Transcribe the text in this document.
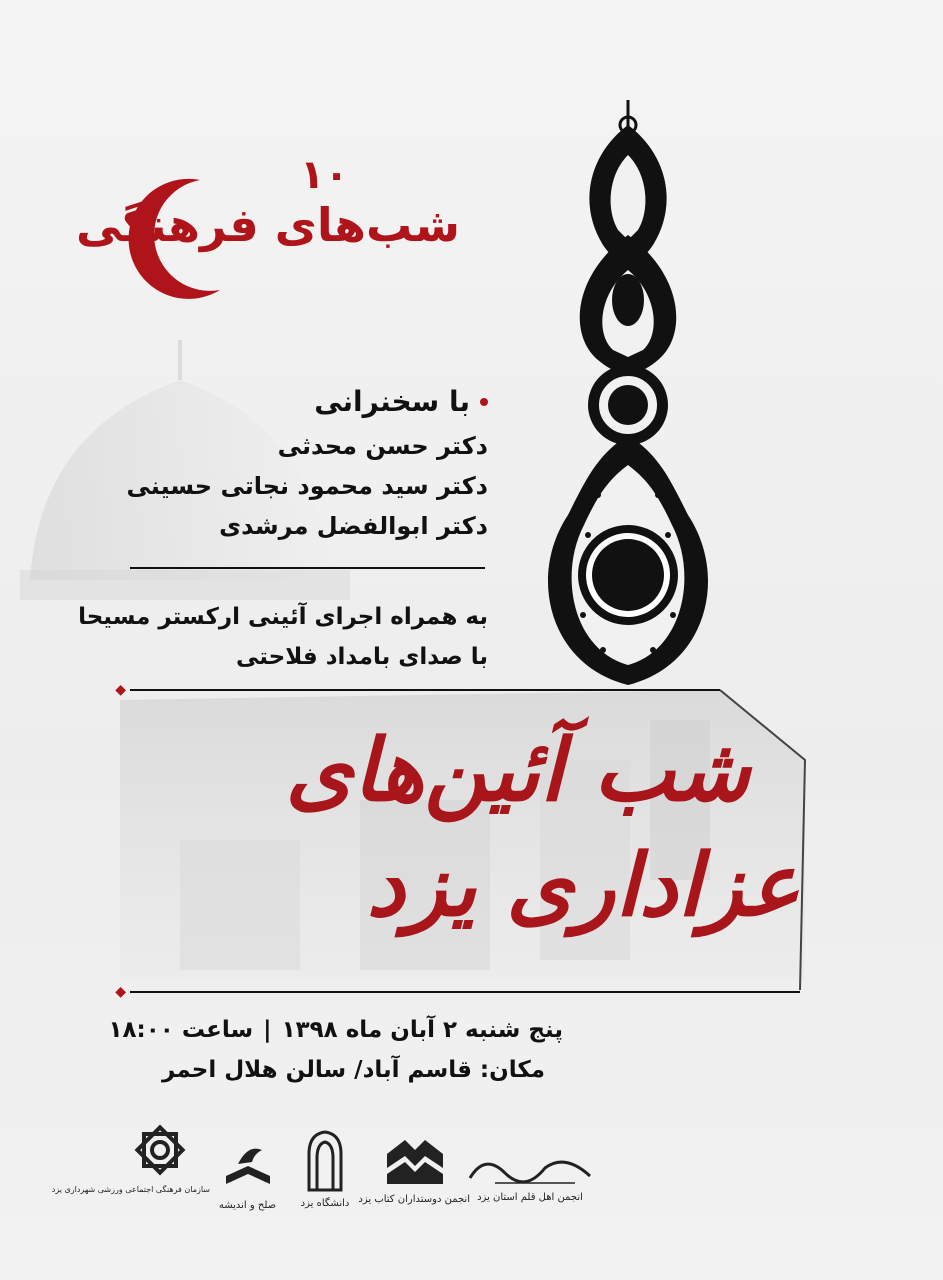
۱۰
شب‌های فرهنگی
با سخنرانی
دکتر حسن محدثی
دکتر سید محمود نجاتی حسینی
دکتر ابوالفضل مرشدی
به همراه اجرای آئینی ارکستر مسیحا
با صدای بامداد فلاحتی
◆
شب آئین‌های
عزاداری یزد
◆
پنج شنبه ۲ آبان ماه ۱۳۹۸
|
ساعت ۱۸:۰۰
مکان: قاسم آباد/ سالن هلال احمر
سازمان فرهنگی اجتماعی ورزشی شهرداری یزد
صلح و اندیشه	دانشگاه یزد انجمن دوستداران کتاب یزد انجمن اهل قلم استان یزد
